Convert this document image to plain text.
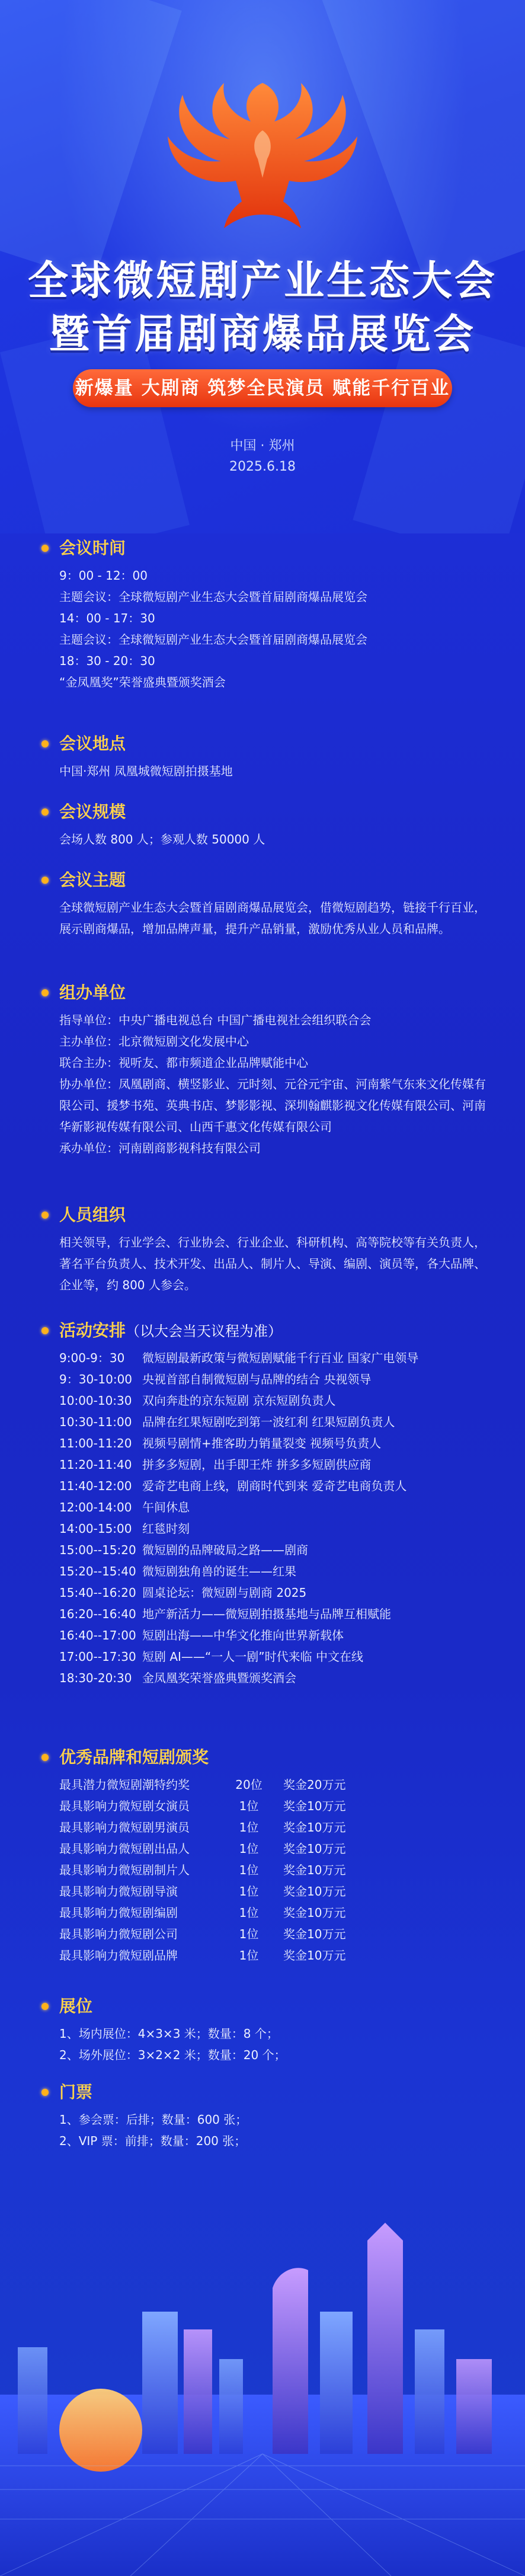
全球微短剧产业生态大会
暨首届剧商爆品展览会
新爆量 大剧商 筑梦全民演员 赋能千行百业
中国 · 郑州
2025.6.18
会议时间
9：00 - 12：00
主题会议：全球微短剧产业生态大会暨首届剧商爆品展览会
14：00 - 17：30
主题会议：全球微短剧产业生态大会暨首届剧商爆品展览会
18：30 - 20：30
“金凤凰奖”荣誉盛典暨颁奖酒会
会议地点
中国·郑州 凤凰城微短剧拍摄基地
会议规模
会场人数 800 人；参观人数 50000 人
会议主题
全球微短剧产业生态大会暨首届剧商爆品展览会，借微短剧趋势，链接千行百业，展示剧商爆品，增加品牌声量，提升产品销量，激励优秀从业人员和品牌。
组办单位
指导单位：中央广播电视总台 中国广播电视社会组织联合会
主办单位：北京微短剧文化发展中心
联合主办：视听友、都市频道企业品牌赋能中心
协办单位：凤凰剧商、横竖影业、元时刻、元谷元宇宙、河南紫气东来文化传媒有限公司、援梦书苑、英典书店、梦影影视、深圳翰麒影视文化传媒有限公司、河南华新影视传媒有限公司、山西千惠文化传媒有限公司
承办单位：河南剧商影视科技有限公司
人员组织
相关领导，行业学会、行业协会、行业企业、科研机构、高等院校等有关负责人，著名平台负责人、技术开发、出品人、制片人、导演、编剧、演员等，各大品牌、企业等，约 800 人参会。
活动安排（以大会当天议程为准）
9:00-9：30	微短剧最新政策与微短剧赋能千行百业 国家广电领导
9：30-10:00 央视首部自制微短剧与品牌的结合 央视领导
10:00-10:30 双向奔赴的京东短剧 京东短剧负责人
10:30-11:00 品牌在红果短剧吃到第一波红利 红果短剧负责人
11:00-11:20 视频号剧情+推客助力销量裂变 视频号负责人
11:20-11:40 拼多多短剧，出手即王炸 拼多多短剧供应商
11:40-12:00 爱奇艺电商上线，剧商时代到来 爱奇艺电商负责人
12:00-14:00 午间休息
14:00-15:00 红毯时刻
15:00--15:20 微短剧的品牌破局之路——剧商
15:20--15:40 微短剧独角兽的诞生——红果
15:40--16:20 圆桌论坛：微短剧与剧商 2025
16:20--16:40 地产新活力——微短剧拍摄基地与品牌互相赋能
16:40--17:00 短剧出海——中华文化推向世界新载体
17:00--17:30 短剧 AI——“一人一剧”时代来临 中文在线
18:30-20:30 金凤凰奖荣誉盛典暨颁奖酒会
优秀品牌和短剧颁奖
最具潜力微短剧潮特约奖	20位	奖金20万元
最具影响力微短剧女演员	1位	奖金10万元
最具影响力微短剧男演员	1位	奖金10万元
最具影响力微短剧出品人	1位	奖金10万元
最具影响力微短剧制片人	1位	奖金10万元
最具影响力微短剧导演	1位	奖金10万元
最具影响力微短剧编剧	1位	奖金10万元
最具影响力微短剧公司	1位	奖金10万元
最具影响力微短剧品牌	1位	奖金10万元
展位
1、场内展位：4×3×3 米；数量：8 个；
2、场外展位：3×2×2 米；数量：20 个；
门票
1、参会票：后排；数量：600 张；
2、VIP 票：前排；数量：200 张；
